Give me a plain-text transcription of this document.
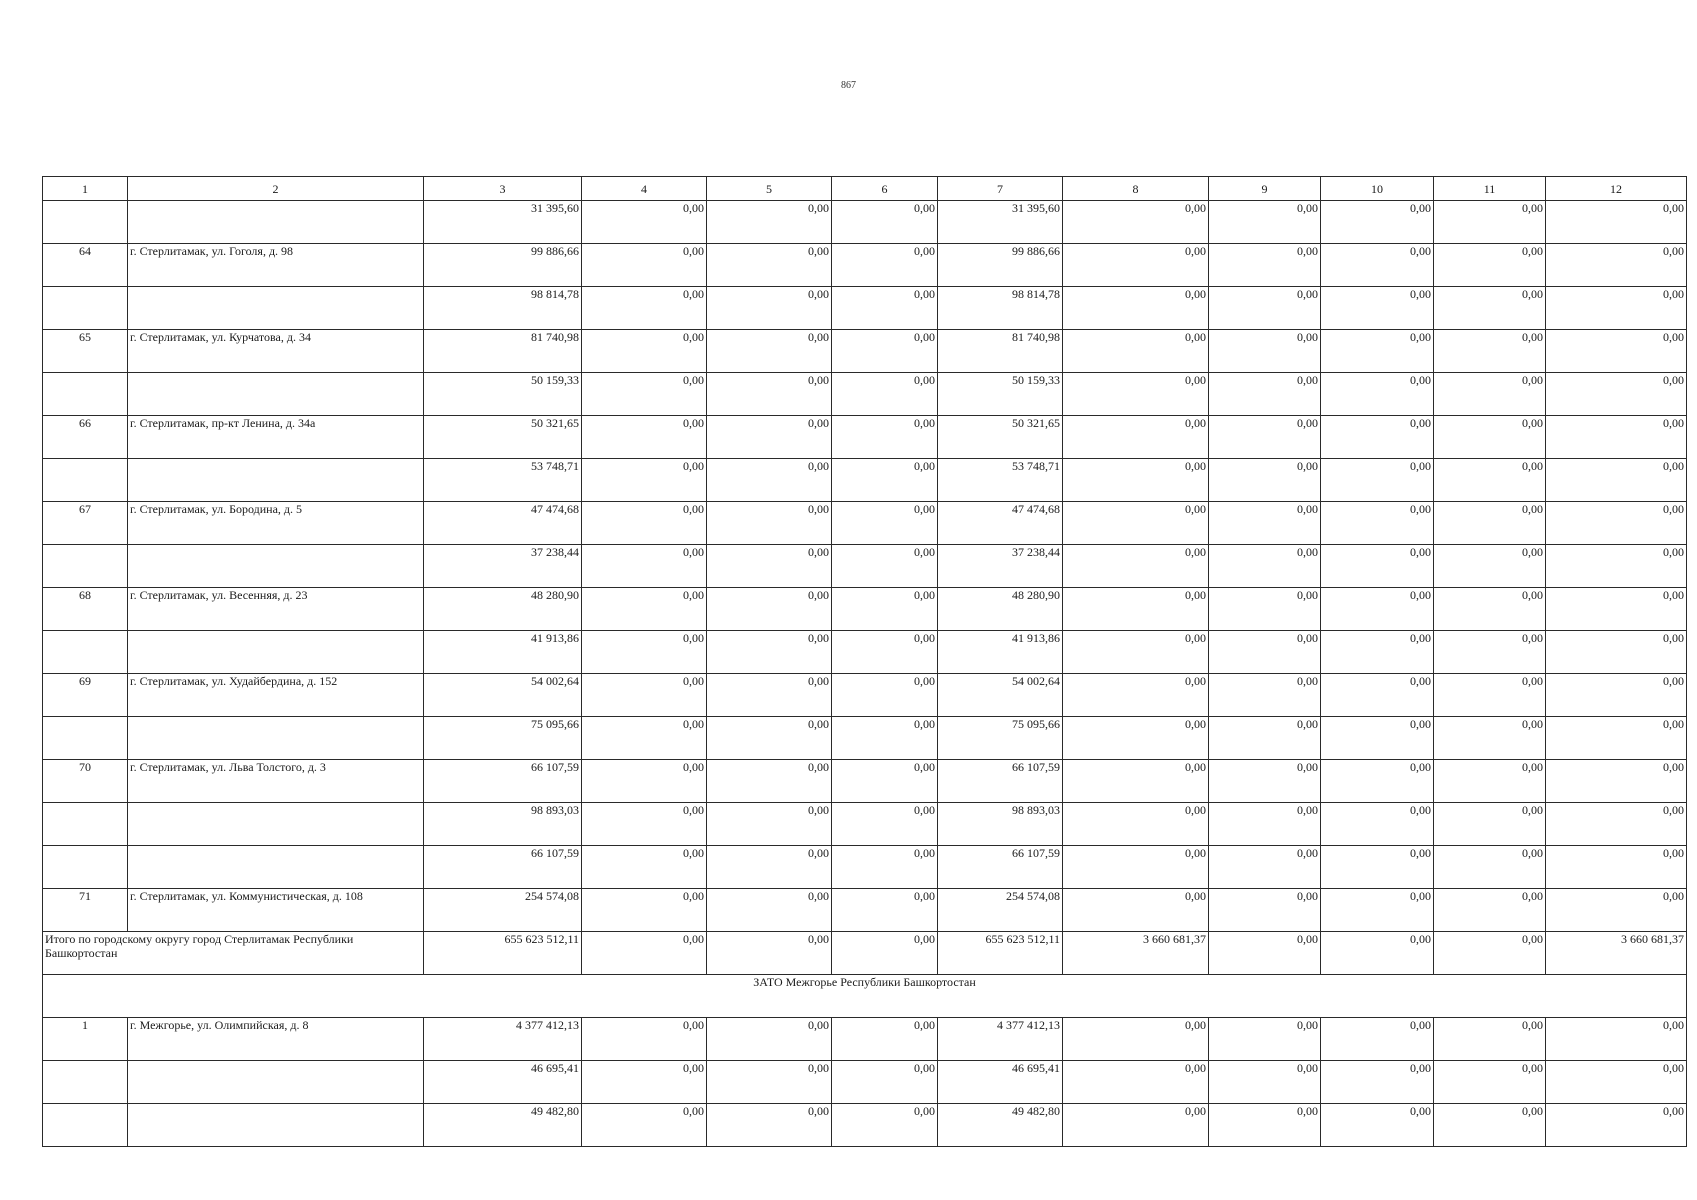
867
1	2	3	4	5	6	7	8	9	10	11	12
		31 395,60	0,00	0,00	0,00	31 395,60	0,00	0,00	0,00	0,00	0,00
64	г. Стерлитамак, ул. Гоголя, д. 98	99 886,66	0,00	0,00	0,00	99 886,66	0,00	0,00	0,00	0,00	0,00
		98 814,78	0,00	0,00	0,00	98 814,78	0,00	0,00	0,00	0,00	0,00
65	г. Стерлитамак, ул. Курчатова, д. 34	81 740,98	0,00	0,00	0,00	81 740,98	0,00	0,00	0,00	0,00	0,00
		50 159,33	0,00	0,00	0,00	50 159,33	0,00	0,00	0,00	0,00	0,00
66	г. Стерлитамак, пр-кт Ленина, д. 34а	50 321,65	0,00	0,00	0,00	50 321,65	0,00	0,00	0,00	0,00	0,00
		53 748,71	0,00	0,00	0,00	53 748,71	0,00	0,00	0,00	0,00	0,00
67	г. Стерлитамак, ул. Бородина, д. 5	47 474,68	0,00	0,00	0,00	47 474,68	0,00	0,00	0,00	0,00	0,00
		37 238,44	0,00	0,00	0,00	37 238,44	0,00	0,00	0,00	0,00	0,00
68	г. Стерлитамак, ул. Весенняя, д. 23	48 280,90	0,00	0,00	0,00	48 280,90	0,00	0,00	0,00	0,00	0,00
		41 913,86	0,00	0,00	0,00	41 913,86	0,00	0,00	0,00	0,00	0,00
69	г. Стерлитамак, ул. Худайбердина, д. 152	54 002,64	0,00	0,00	0,00	54 002,64	0,00	0,00	0,00	0,00	0,00
		75 095,66	0,00	0,00	0,00	75 095,66	0,00	0,00	0,00	0,00	0,00
70	г. Стерлитамак, ул. Льва Толстого, д. 3	66 107,59	0,00	0,00	0,00	66 107,59	0,00	0,00	0,00	0,00	0,00
		98 893,03	0,00	0,00	0,00	98 893,03	0,00	0,00	0,00	0,00	0,00
		66 107,59	0,00	0,00	0,00	66 107,59	0,00	0,00	0,00	0,00	0,00
71	г. Стерлитамак, ул. Коммунистическая, д. 108	254 574,08	0,00	0,00	0,00	254 574,08	0,00	0,00	0,00	0,00	0,00
Итого по городскому округу город Стерлитамак Республики Башкортостан		655 623 512,11	0,00	0,00	0,00	655 623 512,11	3 660 681,37	0,00	0,00	0,00	3 660 681,37
ЗАТО Межгорье Республики Башкортостан											
1	г. Межгорье, ул. Олимпийская, д. 8	4 377 412,13	0,00	0,00	0,00	4 377 412,13	0,00	0,00	0,00	0,00	0,00
		46 695,41	0,00	0,00	0,00	46 695,41	0,00	0,00	0,00	0,00	0,00
		49 482,80	0,00	0,00	0,00	49 482,80	0,00	0,00	0,00	0,00	0,00
